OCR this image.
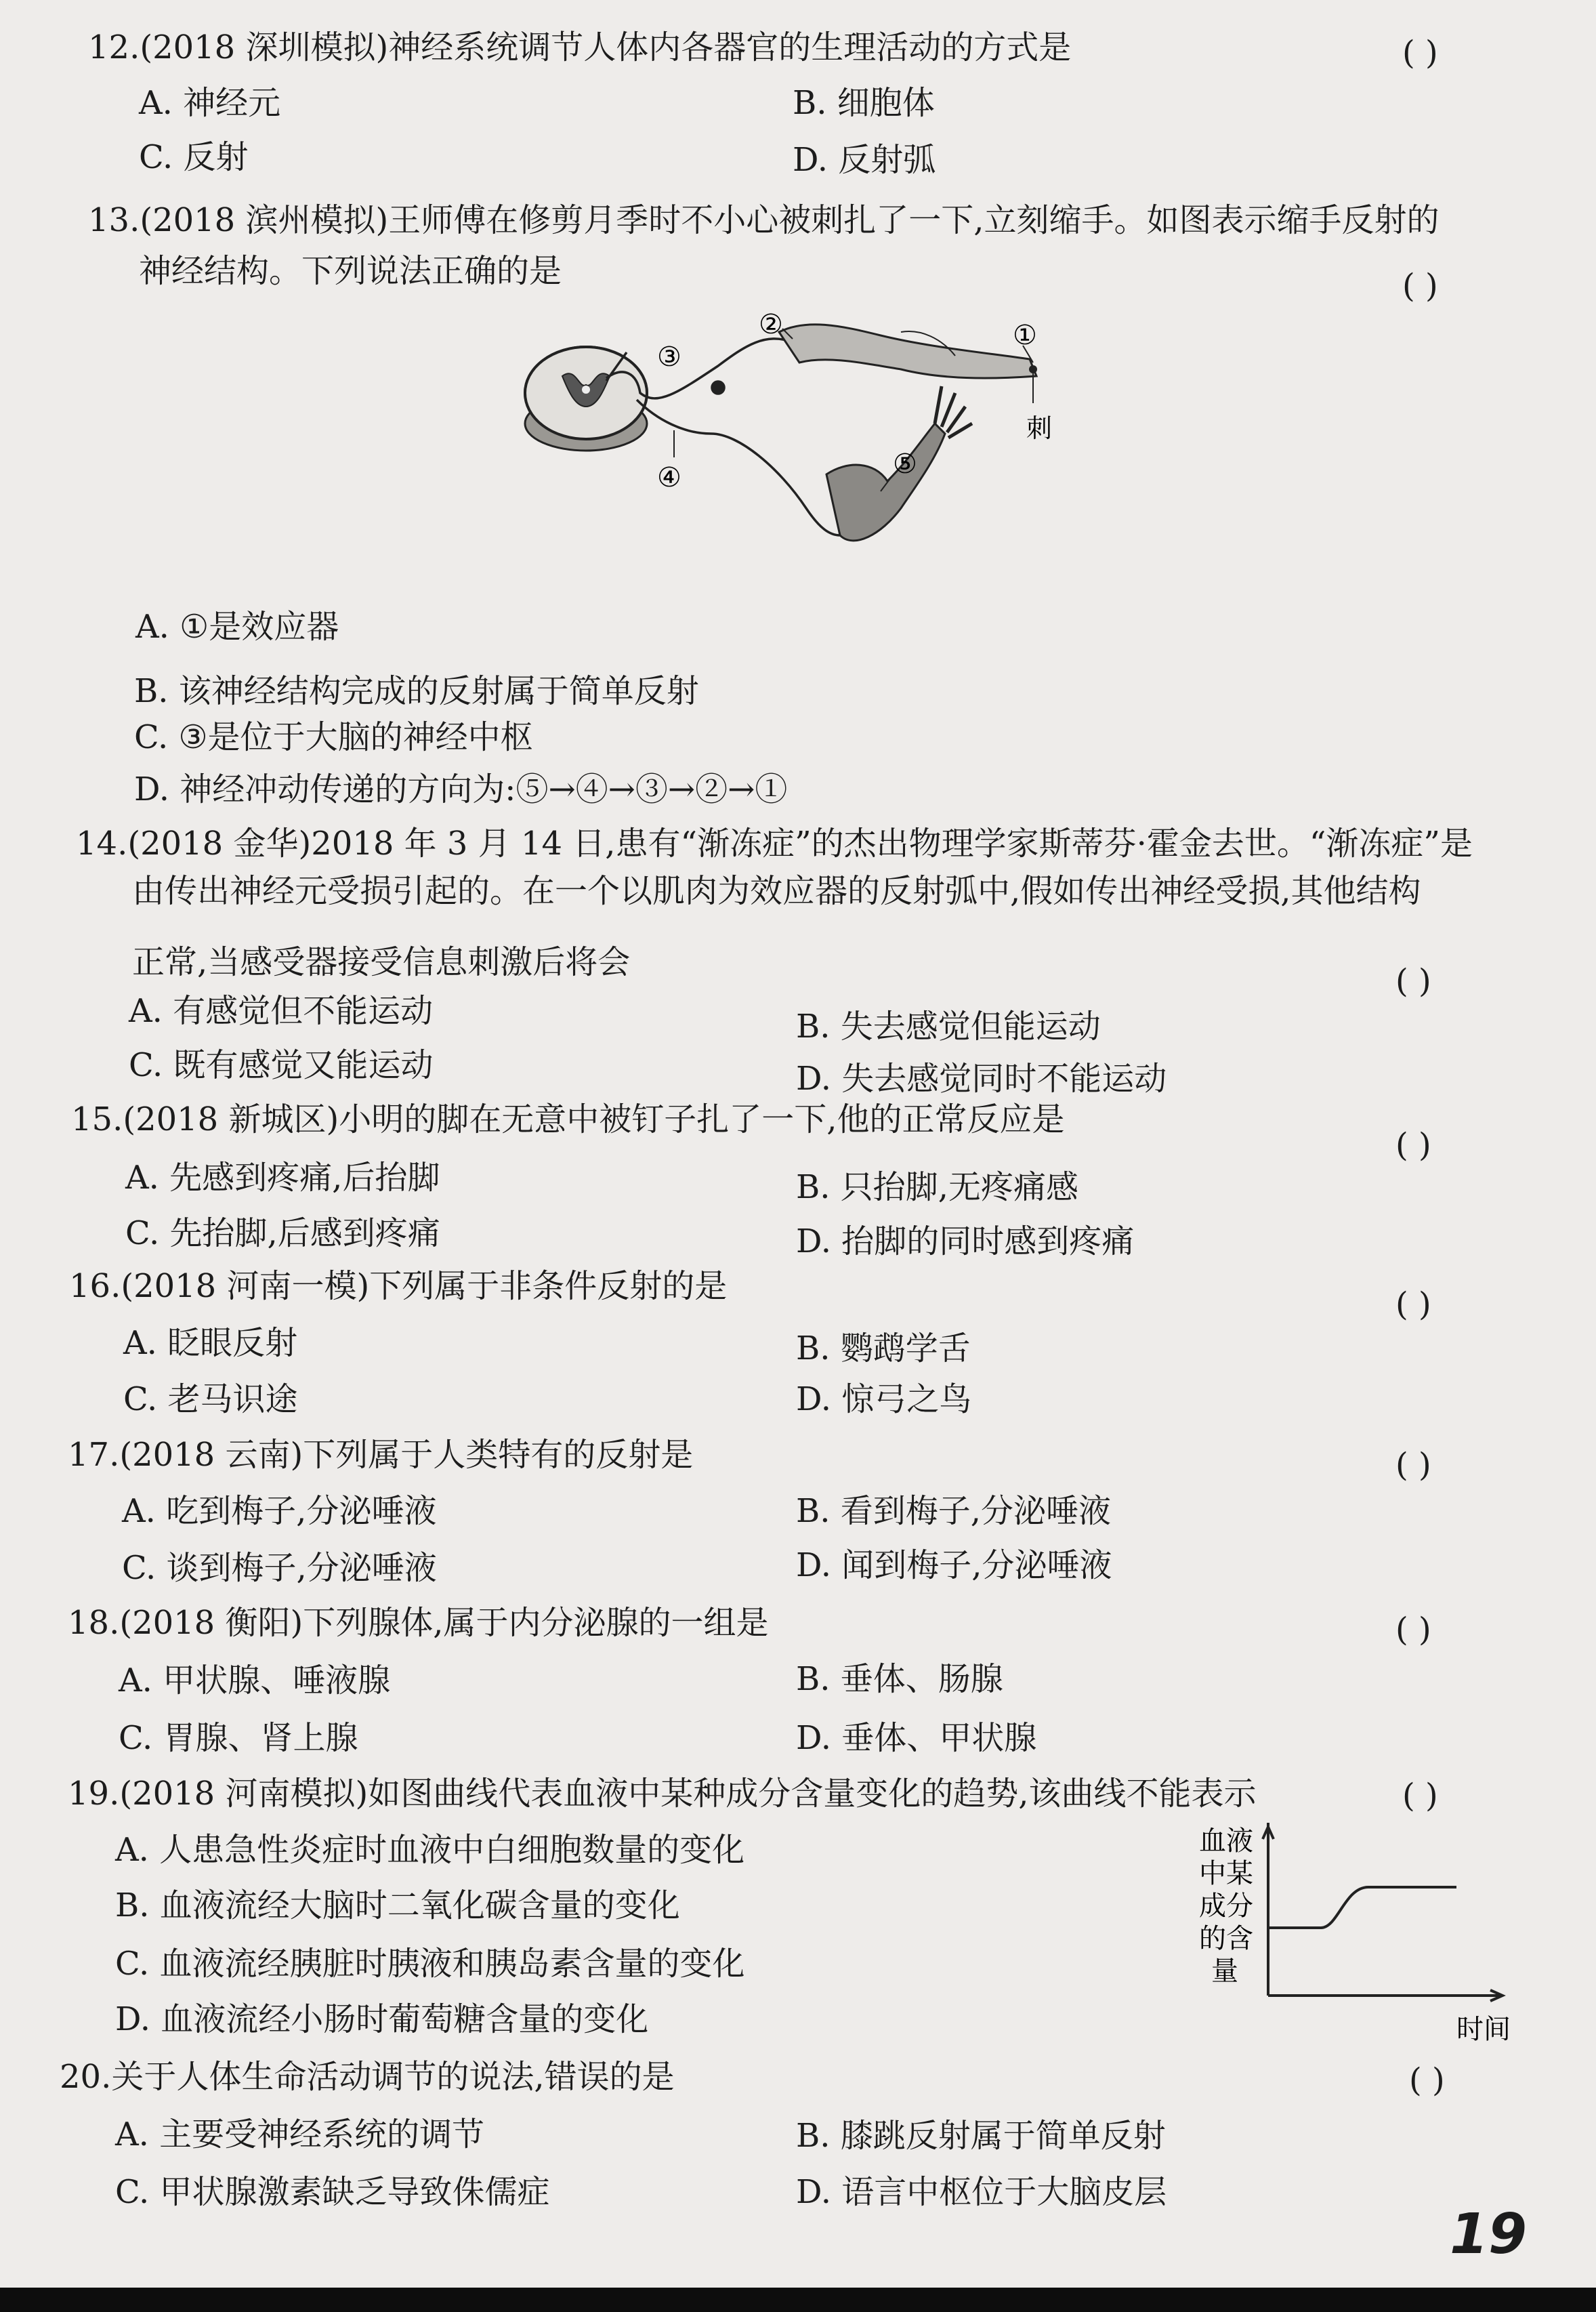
12.(2018 深圳模拟)神经系统调节人体内各器官的生理活动的方式是	( )
A. 神经元	B. 细胞体
C. 反射	D. 反射弧
13.(2018 滨州模拟)王师傅在修剪月季时不小心被刺扎了一下,立刻缩手。如图表示缩手反射的
神经结构。下列说法正确的是	( )
①
②
③
④	⑤
刺
A. ①是效应器
B. 该神经结构完成的反射属于简单反射
C. ③是位于大脑的神经中枢
D. 神经冲动传递的方向为:⑤→④→③→②→①
14.(2018 金华)2018 年 3 月 14 日,患有“渐冻症”的杰出物理学家斯蒂芬·霍金去世。“渐冻症”是
由传出神经元受损引起的。在一个以肌肉为效应器的反射弧中,假如传出神经受损,其他结构
正常,当感受器接受信息刺激后将会	( )
A. 有感觉但不能运动	B. 失去感觉但能运动
C. 既有感觉又能运动	D. 失去感觉同时不能运动
15.(2018 新城区)小明的脚在无意中被钉子扎了一下,他的正常反应是
( )
A. 先感到疼痛,后抬脚	B. 只抬脚,无疼痛感
C. 先抬脚,后感到疼痛	D. 抬脚的同时感到疼痛
16.(2018 河南一模)下列属于非条件反射的是	( )
A. 眨眼反射	B. 鹦鹉学舌
C. 老马识途	D. 惊弓之鸟
17.(2018 云南)下列属于人类特有的反射是	( )
A. 吃到梅子,分泌唾液	B. 看到梅子,分泌唾液
C. 谈到梅子,分泌唾液	D. 闻到梅子,分泌唾液
18.(2018 衡阳)下列腺体,属于内分泌腺的一组是	( )
A. 甲状腺、唾液腺	B. 垂体、肠腺
C. 胃腺、肾上腺	D. 垂体、甲状腺
19.(2018 河南模拟)如图曲线代表血液中某种成分含量变化的趋势,该曲线不能表示	( )
A. 人患急性炎症时血液中白细胞数量的变化
B. 血液流经大脑时二氧化碳含量的变化
C. 血液流经胰脏时胰液和胰岛素含量的变化
D. 血液流经小肠时葡萄糖含量的变化
血液
中某
成分
的含
量
时间
20.关于人体生命活动调节的说法,错误的是	( )
A. 主要受神经系统的调节	B. 膝跳反射属于简单反射
C. 甲状腺激素缺乏导致侏儒症	D. 语言中枢位于大脑皮层
19
